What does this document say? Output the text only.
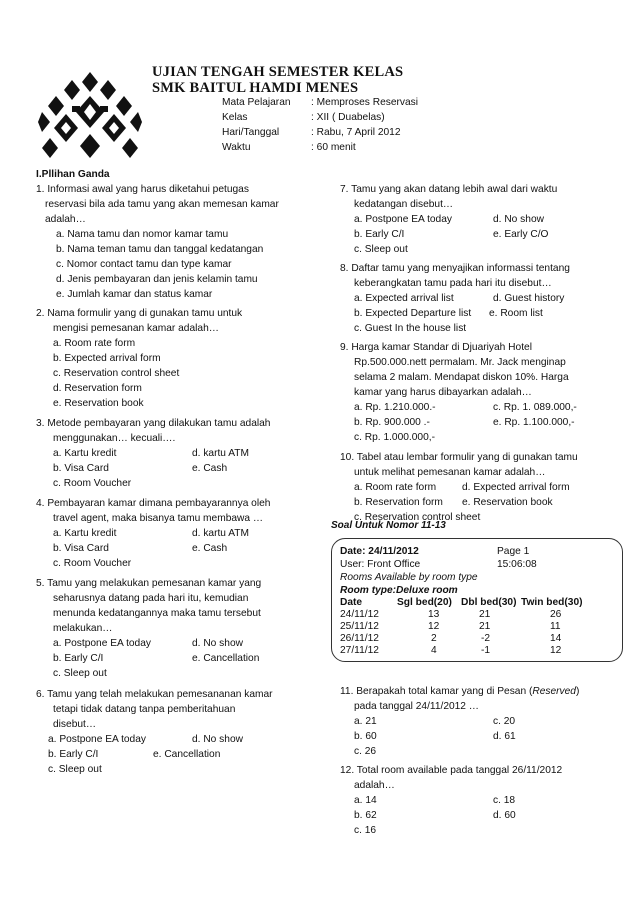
UJIAN TENGAH SEMESTER KELAS
SMK BAITUL HAMDI MENES
Mata Pelajaran : Memproses Reservasi
Kelas	: XII ( Duabelas)
Hari/Tanggal	: Rabu, 7 April 2012
Waktu	: 60 menit
I.Pllihan Ganda
1. Informasi awal yang harus diketahui petugas
reservasi bila ada tamu yang akan memesan kamar
adalah…
a. Nama tamu dan nomor kamar tamu
b. Nama teman tamu dan tanggal kedatangan
c. Nomor contact tamu dan type kamar
d. Jenis pembayaran dan jenis kelamin tamu
e. Jumlah kamar dan status kamar
2. Nama formulir yang di gunakan tamu untuk
mengisi pemesanan kamar adalah…
a. Room rate form
b. Expected arrival form
c. Reservation control sheet
d. Reservation form
e. Reservation book
3. Metode pembayaran yang dilakukan tamu adalah
menggunakan… kecuali….
a. Kartu kredit	d. kartu ATM
b. Visa Card	e. Cash
c. Room Voucher
4. Pembayaran kamar dimana pembayarannya oleh
travel agent, maka bisanya tamu membawa …
a. Kartu kredit	d. kartu ATM
b. Visa Card	e. Cash
c. Room Voucher
5. Tamu yang melakukan pemesanan kamar yang
seharusnya datang pada hari itu, kemudian
menunda kedatangannya maka tamu tersebut
melakukan…
a. Postpone EA today	d. No show
b. Early C/I	e. Cancellation
c. Sleep out
6. Tamu yang telah melakukan pemesananan kamar
tetapi tidak datang tanpa pemberitahuan
disebut…
a. Postpone EA today	d. No show
b. Early C/I	e. Cancellation
c. Sleep out
7. Tamu yang akan datang lebih awal dari waktu
kedatangan disebut…
a. Postpone EA today	d. No show
b. Early C/I	e. Early C/O
c. Sleep out
8. Daftar tamu yang menyajikan informassi tentang
keberangkatan tamu pada hari itu disebut…
a. Expected arrival list	d. Guest history
b. Expected Departure list e. Room list
c. Guest In the house list
9. Harga kamar Standar di Djuariyah Hotel
Rp.500.000.nett permalam. Mr. Jack menginap
selama 2 malam. Mendapat diskon 10%. Harga
kamar yang harus dibayarkan adalah…
a. Rp. 1.210.000.-	c. Rp. 1. 089.000,-
b. Rp. 900.000 .-	e. Rp. 1.100.000,-
c. Rp. 1.000.000,-
10. Tabel atau lembar formulir yang di gunakan tamu
untuk melihat pemesanan kamar adalah…
a. Room rate form	d. Expected arrival form
b. Reservation form e. Reservation book
c. Reservation control sheet
Soal Untuk Nomor 11-13
Date: 24/11/2012	Page 1
User: Front Office	15:06:08
Rooms Available by room type
Room type:Deluxe room
Date	Sgl bed(20) Dbl bed(30) Twin bed(30)
24/11/12	13	21	26
25/11/12	12	21	11
26/11/12	2	-2	14
27/11/12	4	-1	12
11. Berapakah total kamar yang di Pesan (Reserved)
pada tanggal 24/11/2012 …
a. 21	c. 20
b. 60	d. 61
c. 26
12. Total room available pada tanggal 26/11/2012
adalah…
a. 14	c. 18
b. 62	d. 60
c. 16
